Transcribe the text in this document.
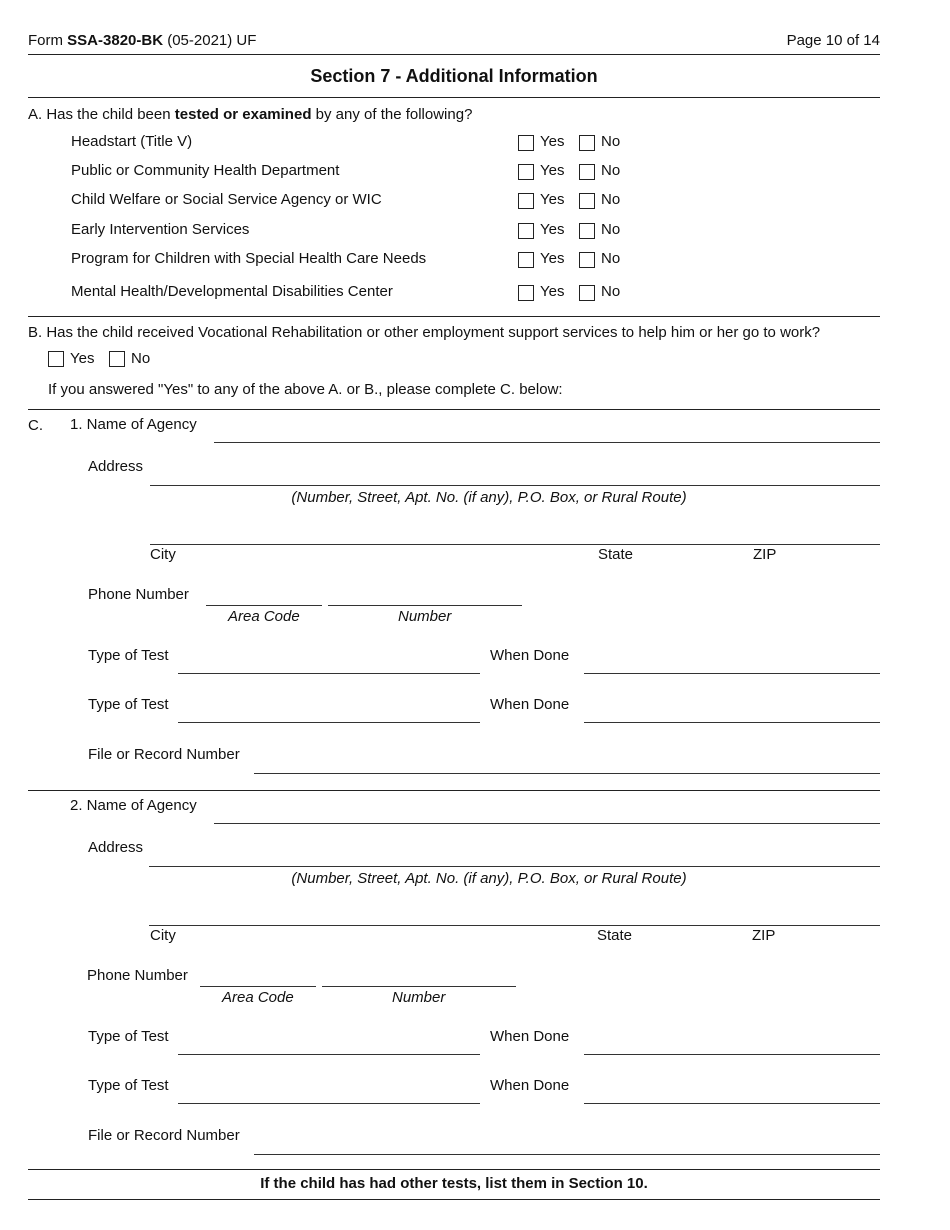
Form SSA-3820-BK (05-2021) UF	Page 10 of 14
Section 7 - Additional Information
A. Has the child been tested or examined by any of the following?
Headstart (Title V)	Yes No
Public or Community Health Department	Yes No
Child Welfare or Social Service Agency or WIC	Yes No
Early Intervention Services	Yes No
Program for Children with Special Health Care Needs	Yes No
Mental Health/Developmental Disabilities Center	Yes No
B. Has the child received Vocational Rehabilitation or other employment support services to help him or her go to work?
Yes No
If you answered "Yes" to any of the above A. or B., please complete C. below:
C. 1. Name of Agency
Address
(Number, Street, Apt. No. (if any), P.O. Box, or Rural Route)
City	State	ZIP
Phone Number
Area Code	Number
Type of Test	When Done
Type of Test	When Done
File or Record Number
2. Name of Agency
Address
(Number, Street, Apt. No. (if any), P.O. Box, or Rural Route)
City	State	ZIP
Phone Number
Area Code	Number
Type of Test	When Done
Type of Test	When Done
File or Record Number
If the child has had other tests, list them in Section 10.
